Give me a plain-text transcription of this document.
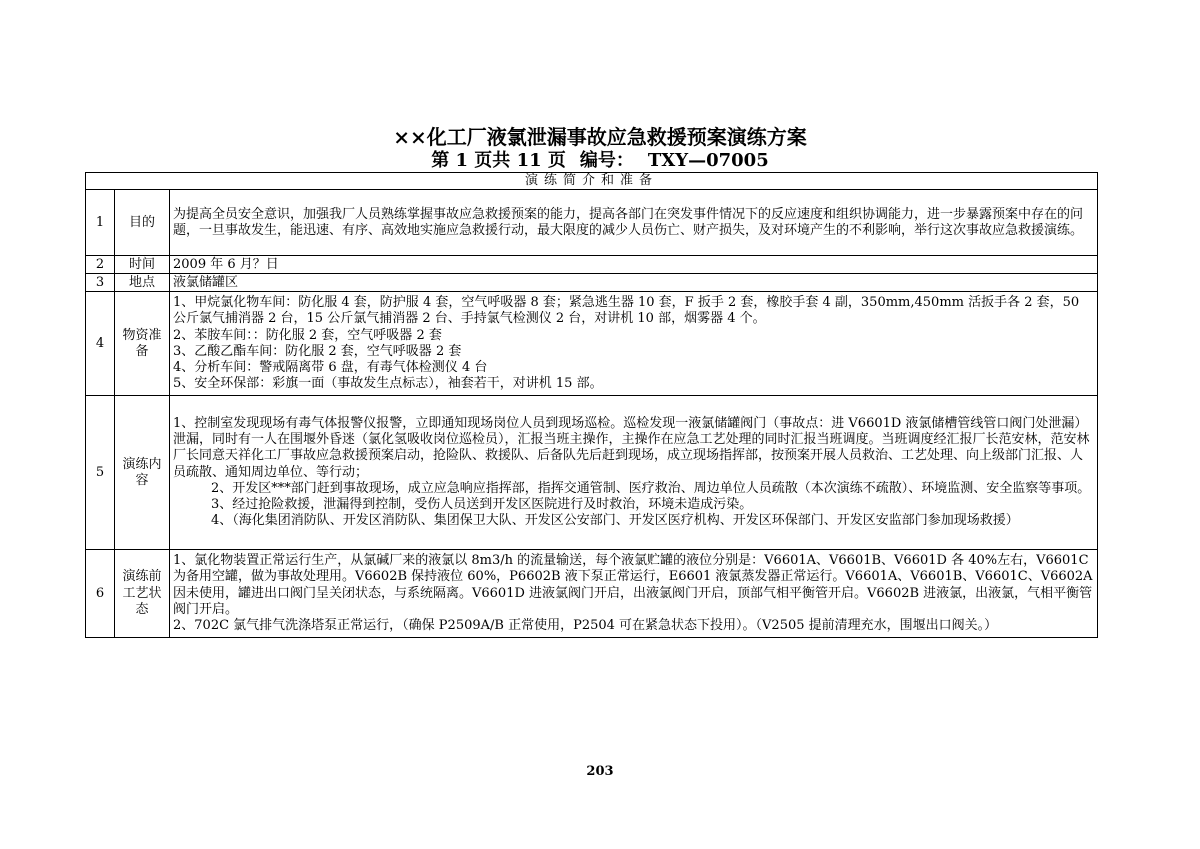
××化工厂液氯泄漏事故应急救援预案演练方案
第 1 页共 11 页 编号： TXY—07005
演练简介和准备		
1	目的	为提高全员安全意识，加强我厂人员熟练掌握事故应急救援预案的能力，提高各部门在突发事件情况下的反应速度和组织协调能力，进一步暴露预案中存在的问题，一旦事故发生，能迅速、有序、高效地实施应急救援行动，最大限度的减少人员伤亡、财产损失，及对环境产生的不利影响，举行这次事故应急救援演练。

2	时间	2009 年 6 月？日

3	地点	液氯储罐区

4	物资准备	1、甲烷氯化物车间：防化服 4 套，防护服 4 套，空气呼吸器 8 套；紧急逃生器 10 套，F 扳手 2 套，橡胶手套 4 副，350mm,450mm 活扳手各 2 套，50 公斤氯气捕消器 2 台，15 公斤氯气捕消器 2 台、手持氯气检测仪 2 台，对讲机 10 部，烟雾器 4 个。
2、苯胺车间：：防化服 2 套，空气呼吸器 2 套
3、乙酸乙酯车间：防化服 2 套，空气呼吸器 2 套
4、分析车间：警戒隔离带 6 盘，有毒气体检测仪 4 台
5、安全环保部：彩旗一面（事故发生点标志），袖套若干，对讲机 15 部。

5	演练内容	1、控制室发现现场有毒气体报警仪报警，立即通知现场岗位人员到现场巡检。巡检发现一液氯储罐阀门（事故点：进 V6601D 液氯储槽管线管口阀门处泄漏）泄漏，同时有一人在围堰外昏迷（氯化氢吸收岗位巡检员），汇报当班主操作，主操作在应急工艺处理的同时汇报当班调度。当班调度经汇报厂长范安林，范安林厂长同意天祥化工厂事故应急救援预案启动，抢险队、救援队、后备队先后赶到现场，成立现场指挥部，按预案开展人员救治、工艺处理、向上级部门汇报、人员疏散、通知周边单位、等行动；
2、开发区***部门赶到事故现场，成立应急响应指挥部，指挥交通管制、医疗救治、周边单位人员疏散（本次演练不疏散）、环境监测、安全监察等事项。
3、经过抢险救援，泄漏得到控制，受伤人员送到开发区医院进行及时救治，环境未造成污染。
4、（海化集团消防队、开发区消防队、集团保卫大队、开发区公安部门、开发区医疗机构、开发区环保部门、开发区安监部门参加现场救援）

6	演练前工艺状态	1、氯化物装置正常运行生产，从氯碱厂来的液氯以 8m3/h 的流量输送，每个液氯贮罐的液位分别是：V6601A、V6601B、V6601D 各 40%左右，V6601C 为备用空罐，做为事故处理用。V6602B 保持液位 60%，P6602B 液下泵正常运行，E6601 液氯蒸发器正常运行。V6601A、V6601B、V6601C、V6602A 因未使用，罐进出口阀门呈关闭状态，与系统隔离。V6601D 进液氯阀门开启，出液氯阀门开启，顶部气相平衡管开启。V6602B 进液氯，出液氯，气相平衡管阀门开启。
2、702C 氯气排气洗涤塔泵正常运行，（确保 P2509A/B 正常使用，P2504 可在紧急状态下投用）。（V2505 提前清理充水，围堰出口阀关。）
203
